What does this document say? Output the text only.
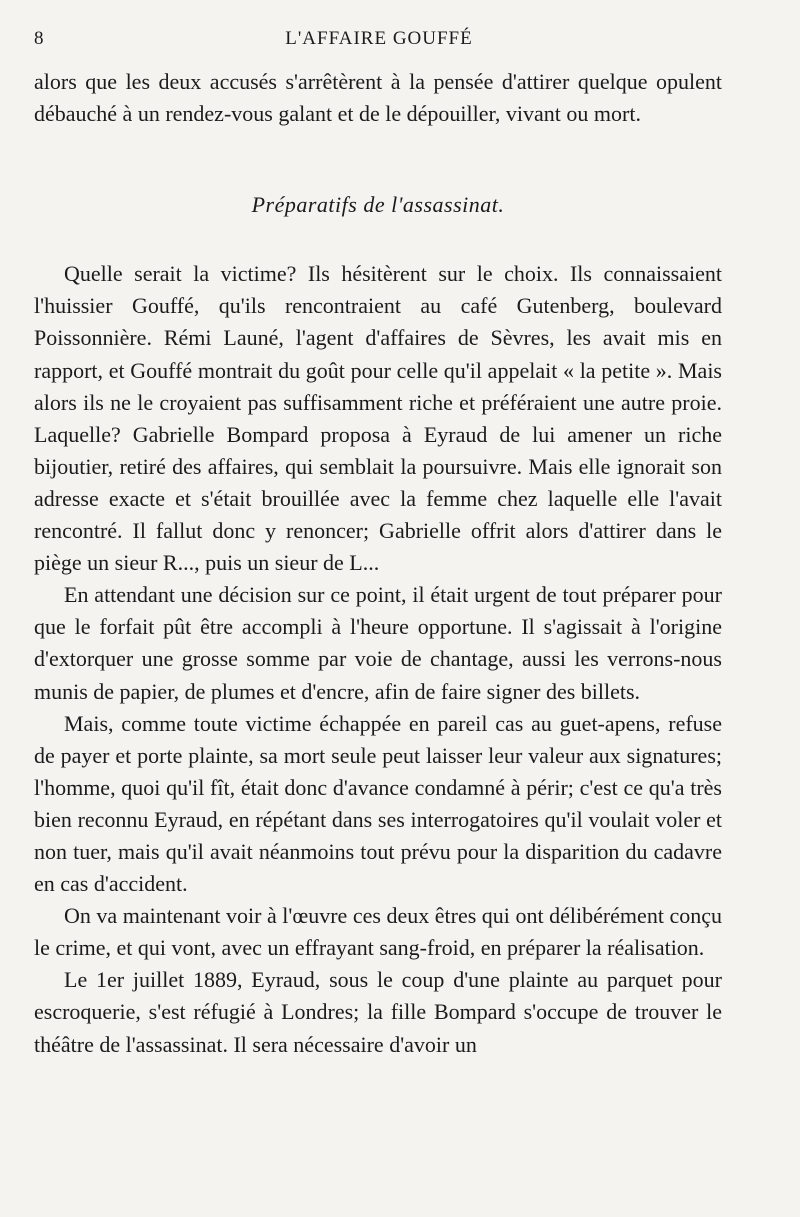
8	L'AFFAIRE GOUFFÉ

alors que les deux accusés s'arrêtèrent à la pensée d'attirer quelque opulent débauché à un rendez-vous galant et de le dépouiller, vivant ou mort.

Préparatifs de l'assassinat.

Quelle serait la victime? Ils hésitèrent sur le choix. Ils connaissaient l'huissier Gouffé, qu'ils rencontraient au café Gutenberg, boulevard Poissonnière. Rémi Launé, l'agent d'affaires de Sèvres, les avait mis en rapport, et Gouffé montrait du goût pour celle qu'il appelait « la petite ». Mais alors ils ne le croyaient pas suffisamment riche et préféraient une autre proie. Laquelle? Gabrielle Bompard proposa à Eyraud de lui amener un riche bijoutier, retiré des affaires, qui semblait la poursuivre. Mais elle ignorait son adresse exacte et s'était brouillée avec la femme chez laquelle elle l'avait rencontré. Il fallut donc y renoncer; Gabrielle offrit alors d'attirer dans le piège un sieur R..., puis un sieur de L...

En attendant une décision sur ce point, il était urgent de tout préparer pour que le forfait pût être accompli à l'heure opportune. Il s'agissait à l'origine d'extorquer une grosse somme par voie de chantage, aussi les verrons-nous munis de papier, de plumes et d'encre, afin de faire signer des billets.

Mais, comme toute victime échappée en pareil cas au guet-apens, refuse de payer et porte plainte, sa mort seule peut laisser leur valeur aux signatures; l'homme, quoi qu'il fît, était donc d'avance condamné à périr; c'est ce qu'a très bien reconnu Eyraud, en répétant dans ses interrogatoires qu'il voulait voler et non tuer, mais qu'il avait néanmoins tout prévu pour la disparition du cadavre en cas d'accident.

On va maintenant voir à l'œuvre ces deux êtres qui ont délibérément conçu le crime, et qui vont, avec un effrayant sang-froid, en préparer la réalisation.

Le 1er juillet 1889, Eyraud, sous le coup d'une plainte au parquet pour escroquerie, s'est réfugié à Londres; la fille Bompard s'occupe de trouver le théâtre de l'assassinat. Il sera nécessaire d'avoir un
